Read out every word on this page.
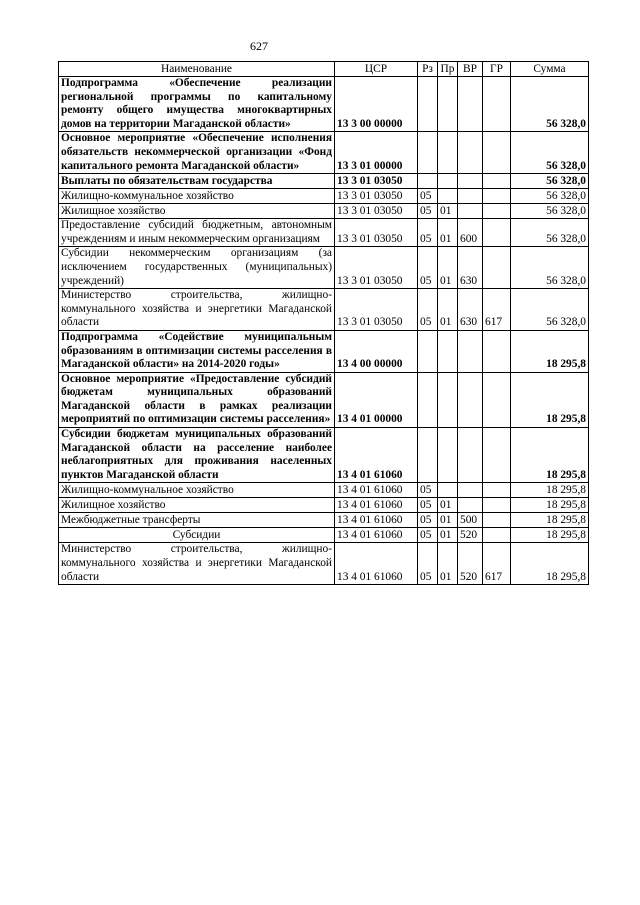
627
Наименование	ЦСР	Рз	Пр	ВР	ГР	Сумма
Подпрограмма «Обеспечение реализации региональной программы по капитальному ремонту общего имущества многоквартирных домов на территории Магаданской области»	13 3 00 00000					56 328,0
Основное мероприятие «Обеспечение исполнения обязательств некоммерческой организации «Фонд капитального ремонта Магаданской области»	13 3 01 00000					56 328,0
Выплаты по обязательствам государства	13 3 01 03050					56 328,0
Жилищно-коммунальное хозяйство	13 3 01 03050	05				56 328,0
Жилищное хозяйство	13 3 01 03050	05	01			56 328,0
Предоставление субсидий бюджетным, автономным учреждениям и иным некоммерческим организациям	13 3 01 03050	05	01	600		56 328,0
Субсидии некоммерческим организациям (за исключением государственных (муниципальных) учреждений)	13 3 01 03050	05	01	630		56 328,0
Министерство строительства, жилищно-коммунального хозяйства и энергетики Магаданской области	13 3 01 03050	05	01	630	617	56 328,0
Подпрограмма «Содействие муниципальным образованиям в оптимизации системы расселения в Магаданской области» на 2014-2020 годы»	13 4 00 00000					18 295,8
Основное мероприятие «Предоставление субсидий бюджетам муниципальных образований Магаданской области в рамках реализации мероприятий по оптимизации системы расселения»	13 4 01 00000					18 295,8
Субсидии бюджетам муниципальных образований Магаданской области на расселение наиболее неблагоприятных для проживания населенных пунктов Магаданской области	13 4 01 61060					18 295,8
Жилищно-коммунальное хозяйство	13 4 01 61060	05				18 295,8
Жилищное хозяйство	13 4 01 61060	05	01			18 295,8
Межбюджетные трансферты	13 4 01 61060	05	01	500		18 295,8
Субсидии	13 4 01 61060	05	01	520		18 295,8
Министерство строительства, жилищно-коммунального хозяйства и энергетики Магаданской области	13 4 01 61060	05	01	520	617	18 295,8
